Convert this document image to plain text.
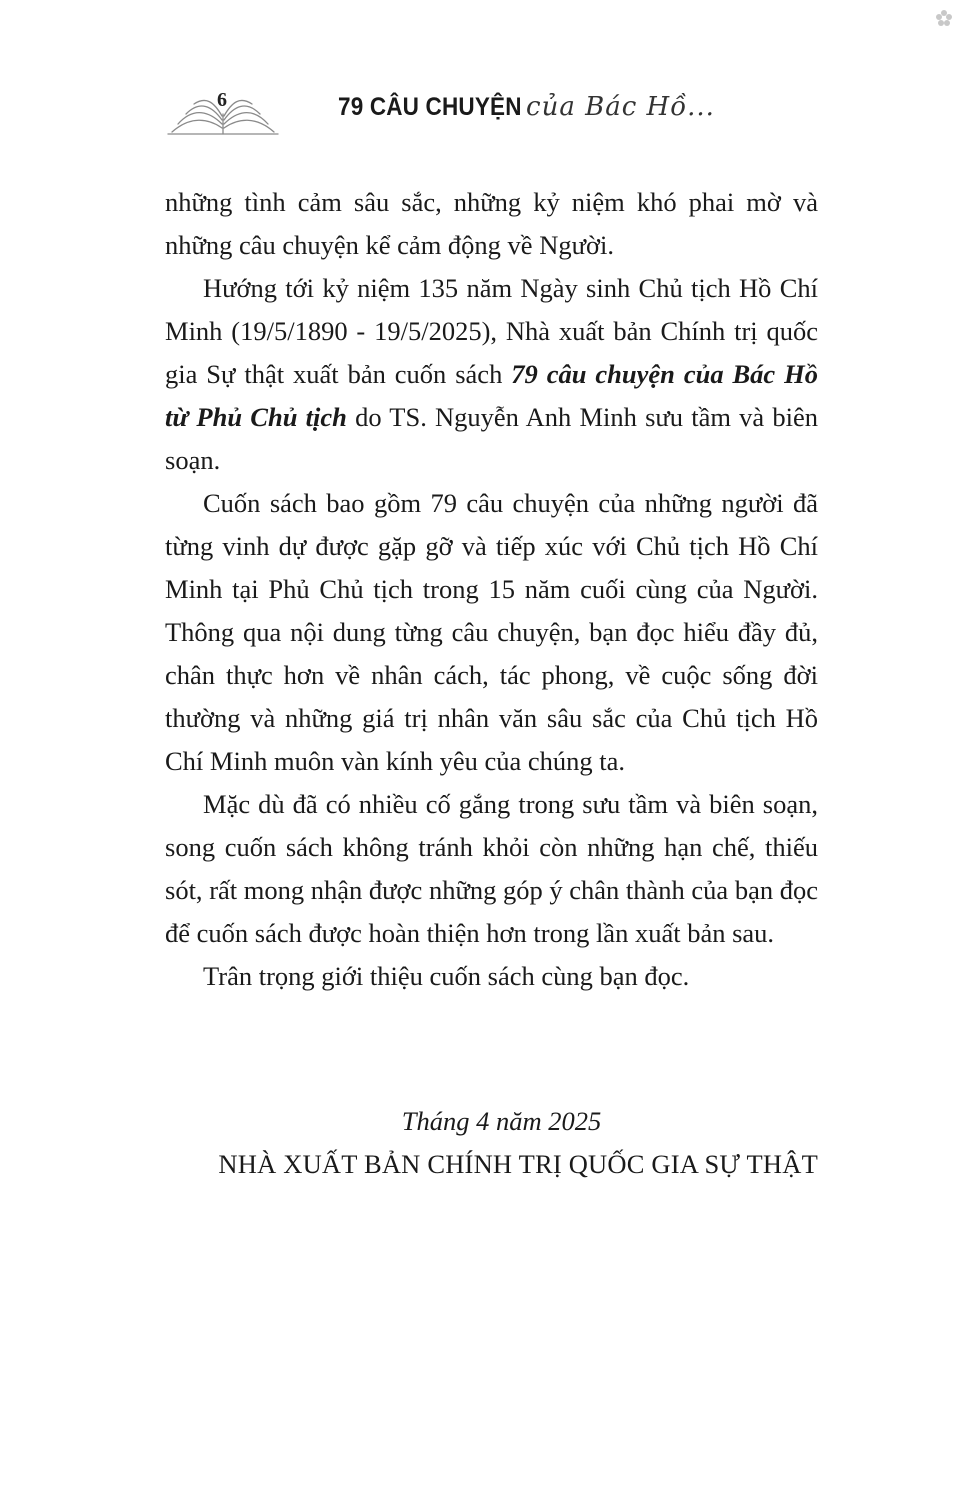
6	79 CÂU CHUYỆN của Bác Hồ...

những tình cảm sâu sắc, những kỷ niệm khó phai mờ và những câu chuyện kể cảm động về Người.

Hướng tới kỷ niệm 135 năm Ngày sinh Chủ tịch Hồ Chí Minh (19/5/1890 - 19/5/2025), Nhà xuất bản Chính trị quốc gia Sự thật xuất bản cuốn sách 79 câu chuyện của Bác Hồ từ Phủ Chủ tịch do TS. Nguyễn Anh Minh sưu tầm và biên soạn.

Cuốn sách bao gồm 79 câu chuyện của những người đã từng vinh dự được gặp gỡ và tiếp xúc với Chủ tịch Hồ Chí Minh tại Phủ Chủ tịch trong 15 năm cuối cùng của Người. Thông qua nội dung từng câu chuyện, bạn đọc hiểu đầy đủ, chân thực hơn về nhân cách, tác phong, về cuộc sống đời thường và những giá trị nhân văn sâu sắc của Chủ tịch Hồ Chí Minh muôn vàn kính yêu của chúng ta.

Mặc dù đã có nhiều cố gắng trong sưu tầm và biên soạn, song cuốn sách không tránh khỏi còn những hạn chế, thiếu sót, rất mong nhận được những góp ý chân thành của bạn đọc để cuốn sách được hoàn thiện hơn trong lần xuất bản sau.

Trân trọng giới thiệu cuốn sách cùng bạn đọc.

Tháng 4 năm 2025
NHÀ XUẤT BẢN CHÍNH TRỊ QUỐC GIA SỰ THẬT
